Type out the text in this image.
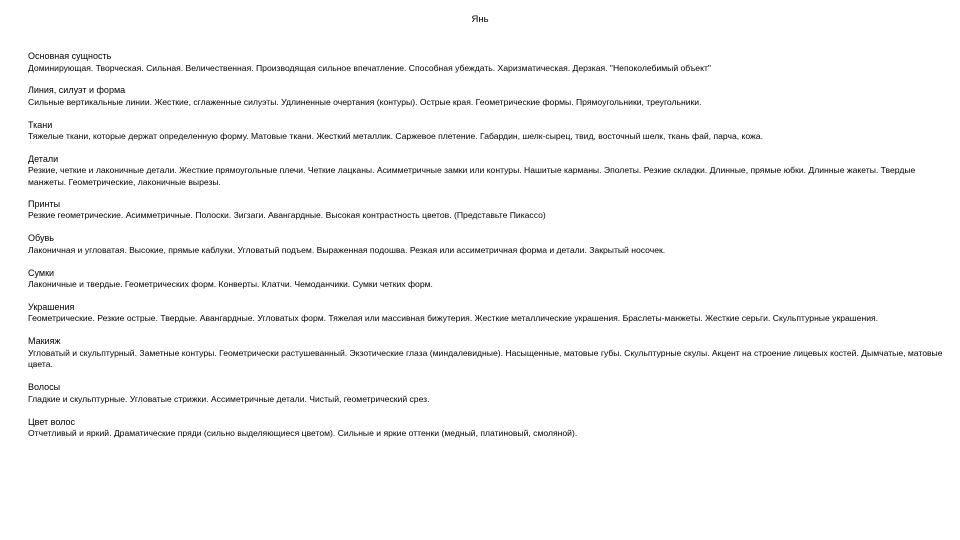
Янь
Основная сущность
Доминирующая. Творческая. Сильная. Величественная. Производящая сильное впечатление. Способная убеждать. Харизматическая. Дерзкая. "Непоколебимый объект"
Линия, силуэт и форма
Сильные вертикальные линии. Жесткие, сглаженные силуэты. Удлиненные очертания (контуры). Острые края. Геометрические формы. Прямоугольники, треугольники.
Ткани
Тяжелые ткани, которые держат определенную форму. Матовые ткани. Жесткий металлик. Саржевое плетение. Габардин, шелк-сырец, твид, восточный шелк, ткань фай, парча, кожа.
Детали
Резкие, четкие и лаконичные детали. Жесткие прямоугольные плечи. Четкие лацканы. Асимметричные замки или контуры. Нашитые карманы. Эполеты. Резкие складки. Длинные, прямые юбки. Длинные жакеты. Твердые манжеты. Геометрические, лаконичные вырезы.
Принты
Резкие геометрические. Асимметричные. Полоски. Зигзаги. Авангардные. Высокая контрастность цветов. (Представьте Пикассо)
Обувь
Лаконичная и угловатая. Высокие, прямые каблуки. Угловатый подъем. Выраженная подошва. Резкая или ассиметричная форма и детали. Закрытый носочек.
Сумки
Лаконичные и твердые. Геометрических форм. Конверты. Клатчи. Чемоданчики. Сумки четких форм.
Украшения
Геометрические. Резкие острые. Твердые. Авангардные. Угловатых форм. Тяжелая или массивная бижутерия. Жесткие металлические украшения. Браслеты-манжеты. Жесткие серьги. Скульптурные украшения.
Макияж
Угловатый и скульптурный. Заметные контуры. Геометрически растушеванный. Экзотические глаза (миндалевидные). Насыщенные, матовые губы. Скульптурные скулы. Акцент на строение лицевых костей. Дымчатые, матовые цвета.
Волосы
Гладкие и скульптурные. Угловатые стрижки. Ассиметричные детали. Чистый, геометрический срез.
Цвет волос
Отчетливый и яркий. Драматические пряди (сильно выделяющиеся цветом). Сильные и яркие оттенки (медный, платиновый, смоляной).
